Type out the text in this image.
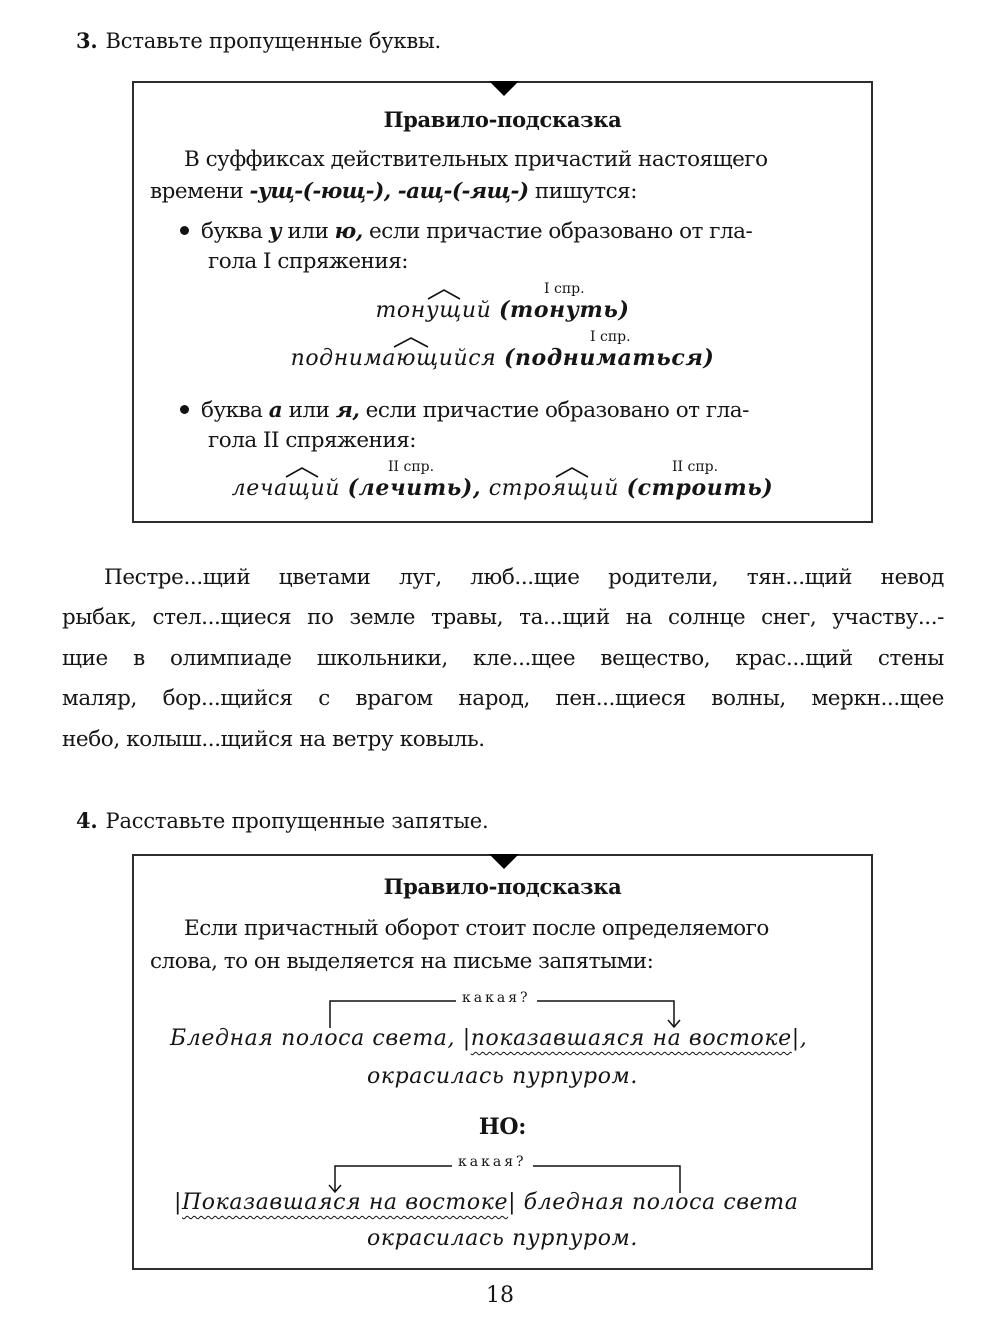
3. Вставьте пропущенные буквы.
Правило-подсказка
В суффиксах действительных причастий настоящего
времени -ущ-(-ющ-), -ащ-(-ящ-) пишутся:
буква у или ю, если причастие образовано от гла-
гола I спряжения:
I спр.
тонущий (тонуть)
I спр.
поднимающийся (подниматься)
буква а или я, если причастие образовано от гла-
гола II спряжения:
II спр.	II спр.
лечащий (лечить), строящий (строить)
Пестре...щий цветами луг, люб...щие родители, тян...щий невод
рыбак, стел...щиеся по земле травы, та...щий на солнце снег, участву...-
щие в олимпиаде школьники, кле...щее вещество, крас...щий стены
маляр, бор...щийся с врагом народ, пен...щиеся волны, меркн...щее
небо, колыш...щийся на ветру ковыль.
4. Расставьте пропущенные запятые.
Правило-подсказка
Если причастный оборот стоит после определяемого
слова, то он выделяется на письме запятыми:
какая?
Бледная полоса света, |показавшаяся на востоке|,
окрасилась пурпуром.
НО:
какая?
|Показавшаяся на востоке| бледная полоса света
окрасилась пурпуром.
18
